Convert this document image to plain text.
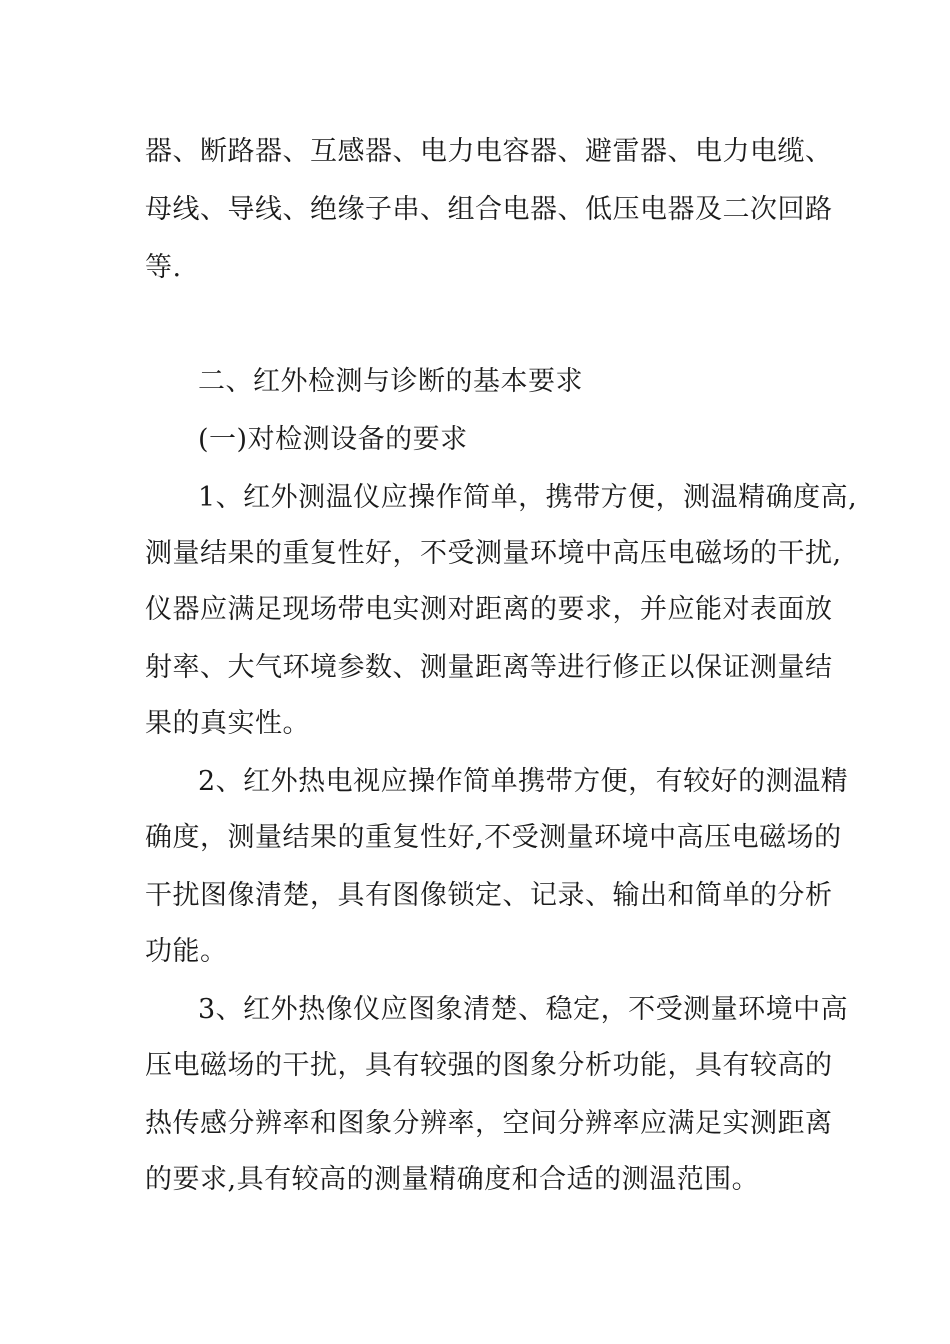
器、断路器、互感器、电力电容器、避雷器、电力电缆、
母线、导线、绝缘子串、组合电器、低压电器及二次回路
等.
二、红外检测与诊断的基本要求
(一)对检测设备的要求
1、红外测温仪应操作简单，携带方便，测温精确度高,
测量结果的重复性好，不受测量环境中高压电磁场的干扰,
仪器应满足现场带电实测对距离的要求，并应能对表面放
射率、大气环境参数、测量距离等进行修正以保证测量结
果的真实性。
2、红外热电视应操作简单携带方便，有较好的测温精
确度，测量结果的重复性好,不受测量环境中高压电磁场的
干扰图像清楚，具有图像锁定、记录、输出和简单的分析
功能。
3、红外热像仪应图象清楚、稳定，不受测量环境中高
压电磁场的干扰，具有较强的图象分析功能，具有较高的
热传感分辨率和图象分辨率，空间分辨率应满足实测距离
的要求,具有较高的测量精确度和合适的测温范围。
